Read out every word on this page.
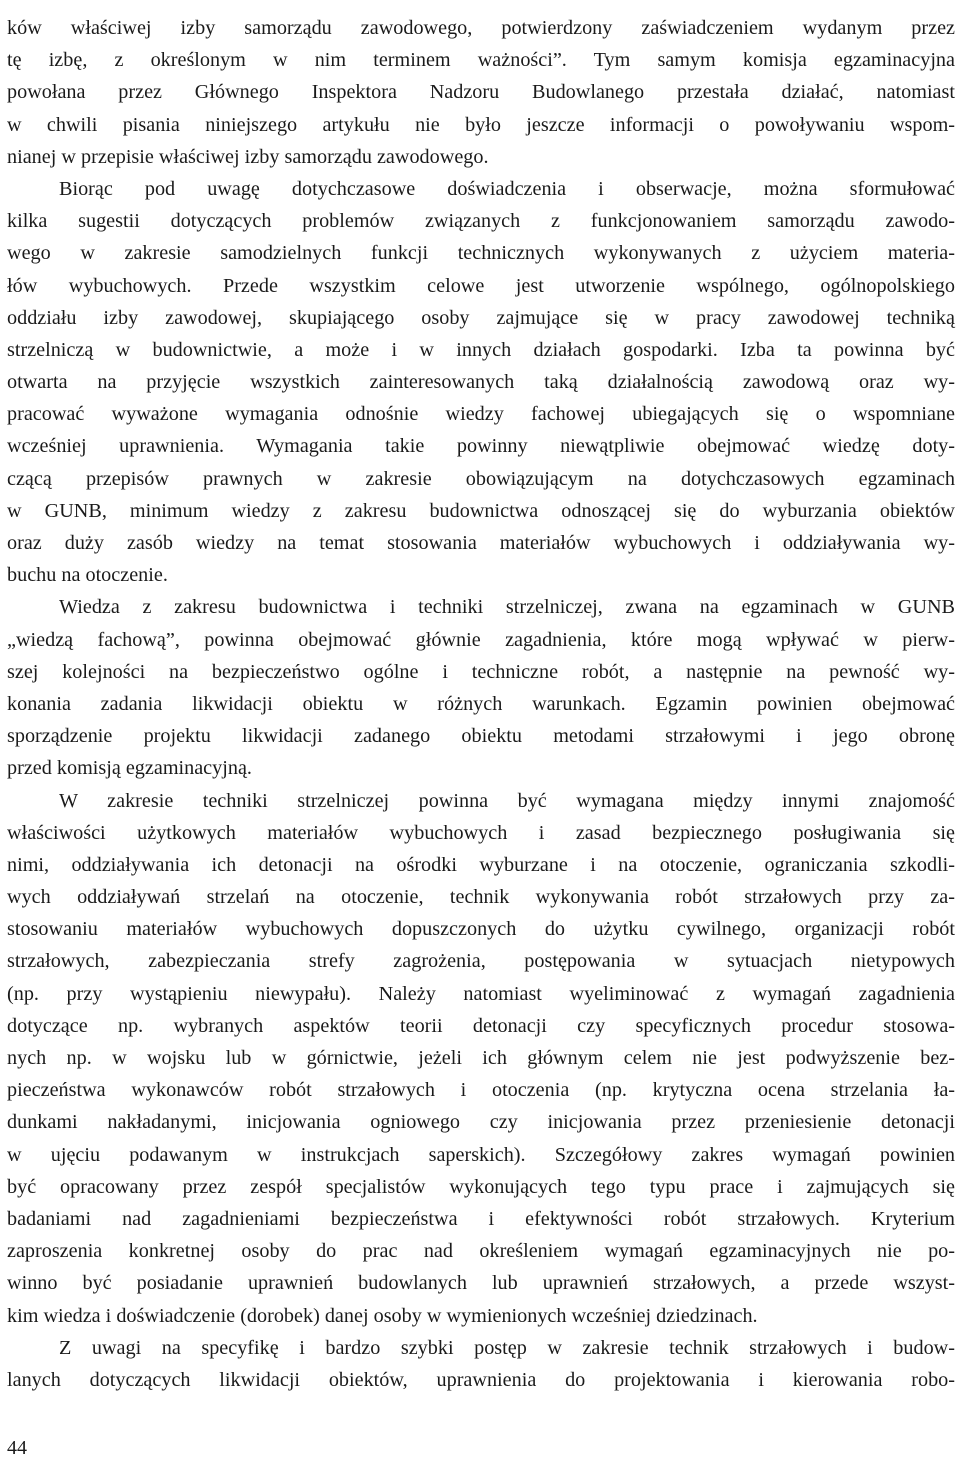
ków właściwej izby samorządu zawodowego, potwierdzony zaświadczeniem wydanym przez
tę izbę, z określonym w nim terminem ważności”. Tym samym komisja egzaminacyjna
powołana przez Głównego Inspektora Nadzoru Budowlanego przestała działać, natomiast
w chwili pisania niniejszego artykułu nie było jeszcze informacji o powoływaniu wspom-
nianej w przepisie właściwej izby samorządu zawodowego.
Biorąc pod uwagę dotychczasowe doświadczenia i obserwacje, można sformułować
kilka sugestii dotyczących problemów związanych z funkcjonowaniem samorządu zawodo-
wego w zakresie samodzielnych funkcji technicznych wykonywanych z użyciem materia-
łów wybuchowych. Przede wszystkim celowe jest utworzenie wspólnego, ogólnopolskiego
oddziału izby zawodowej, skupiającego osoby zajmujące się w pracy zawodowej techniką
strzelniczą w budownictwie, a może i w innych działach gospodarki. Izba ta powinna być
otwarta na przyjęcie wszystkich zainteresowanych taką działalnością zawodową oraz wy-
pracować wyważone wymagania odnośnie wiedzy fachowej ubiegających się o wspomniane
wcześniej uprawnienia. Wymagania takie powinny niewątpliwie obejmować wiedzę doty-
czącą przepisów prawnych w zakresie obowiązującym na dotychczasowych egzaminach
w GUNB, minimum wiedzy z zakresu budownictwa odnoszącej się do wyburzania obiektów
oraz duży zasób wiedzy na temat stosowania materiałów wybuchowych i oddziaływania wy-
buchu na otoczenie.
Wiedza z zakresu budownictwa i techniki strzelniczej, zwana na egzaminach w GUNB
„wiedzą fachową”, powinna obejmować głównie zagadnienia, które mogą wpływać w pierw-
szej kolejności na bezpieczeństwo ogólne i techniczne robót, a następnie na pewność wy-
konania zadania likwidacji obiektu w różnych warunkach. Egzamin powinien obejmować
sporządzenie projektu likwidacji zadanego obiektu metodami strzałowymi i jego obronę
przed komisją egzaminacyjną.
W zakresie techniki strzelniczej powinna być wymagana między innymi znajomość
właściwości użytkowych materiałów wybuchowych i zasad bezpiecznego posługiwania się
nimi, oddziaływania ich detonacji na ośrodki wyburzane i na otoczenie, ograniczania szkodli-
wych oddziaływań strzelań na otoczenie, technik wykonywania robót strzałowych przy za-
stosowaniu materiałów wybuchowych dopuszczonych do użytku cywilnego, organizacji robót
strzałowych, zabezpieczania strefy zagrożenia, postępowania w sytuacjach nietypowych
(np. przy wystąpieniu niewypału). Należy natomiast wyeliminować z wymagań zagadnienia
dotyczące np. wybranych aspektów teorii detonacji czy specyficznych procedur stosowa-
nych np. w wojsku lub w górnictwie, jeżeli ich głównym celem nie jest podwyższenie bez-
pieczeństwa wykonawców robót strzałowych i otoczenia (np. krytyczna ocena strzelania ła-
dunkami nakładanymi, inicjowania ogniowego czy inicjowania przez przeniesienie detonacji
w ujęciu podawanym w instrukcjach saperskich). Szczegółowy zakres wymagań powinien
być opracowany przez zespół specjalistów wykonujących tego typu prace i zajmujących się
badaniami nad zagadnieniami bezpieczeństwa i efektywności robót strzałowych. Kryterium
zaproszenia konkretnej osoby do prac nad określeniem wymagań egzaminacyjnych nie po-
winno być posiadanie uprawnień budowlanych lub uprawnień strzałowych, a przede wszyst-
kim wiedza i doświadczenie (dorobek) danej osoby w wymienionych wcześniej dziedzinach.
Z uwagi na specyfikę i bardzo szybki postęp w zakresie technik strzałowych i budow-
lanych dotyczących likwidacji obiektów, uprawnienia do projektowania i kierowania robo-
44
